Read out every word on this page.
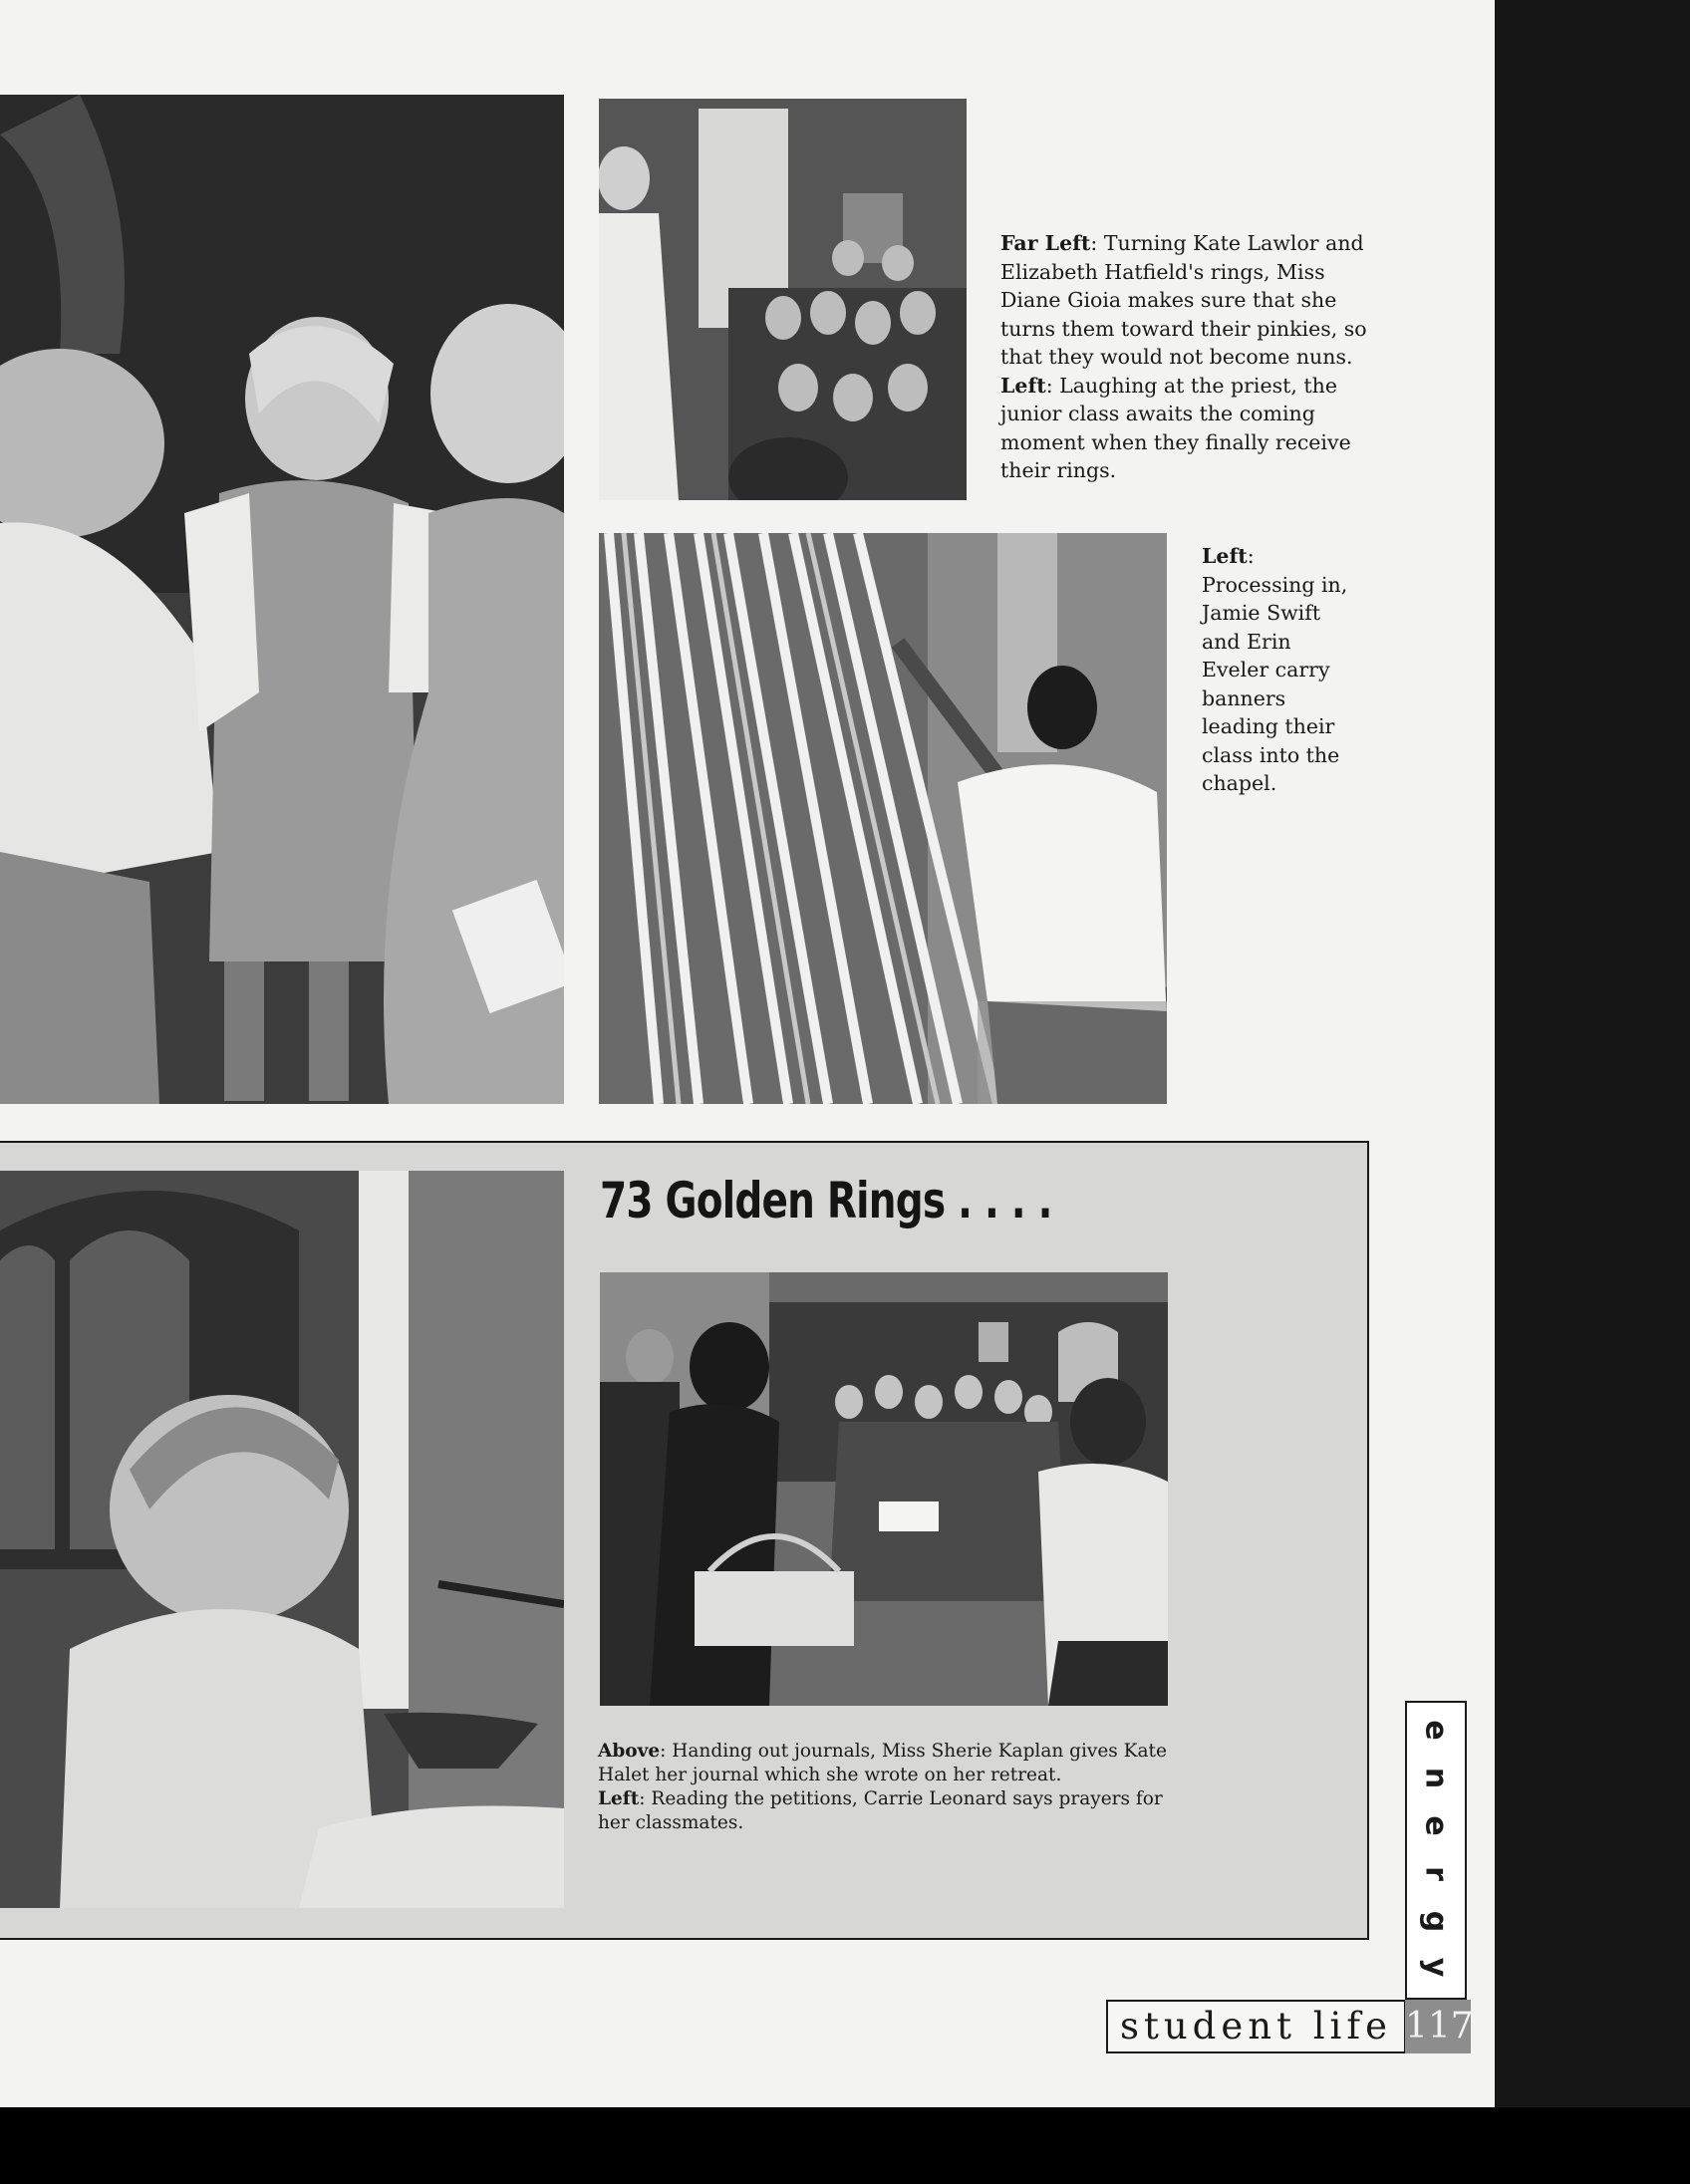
Far Left: Turning Kate Lawlor and Elizabeth Hatfield's rings, Miss Diane Gioia makes sure that she turns them toward their pinkies, so that they would not become nuns.

Left: Laughing at the priest, the junior class awaits the coming moment when they finally receive their rings.

Left: Processing in, Jamie Swift and Erin Eveler carry banners leading their class into the chapel.

73 Golden Rings . . . .

Above: Handing out journals, Miss Sherie Kaplan gives Kate Halet her journal which she wrote on her retreat.

Left: Reading the petitions, Carrie Leonard says prayers for her classmates.

e
n
e
r
g
y
student life 117
